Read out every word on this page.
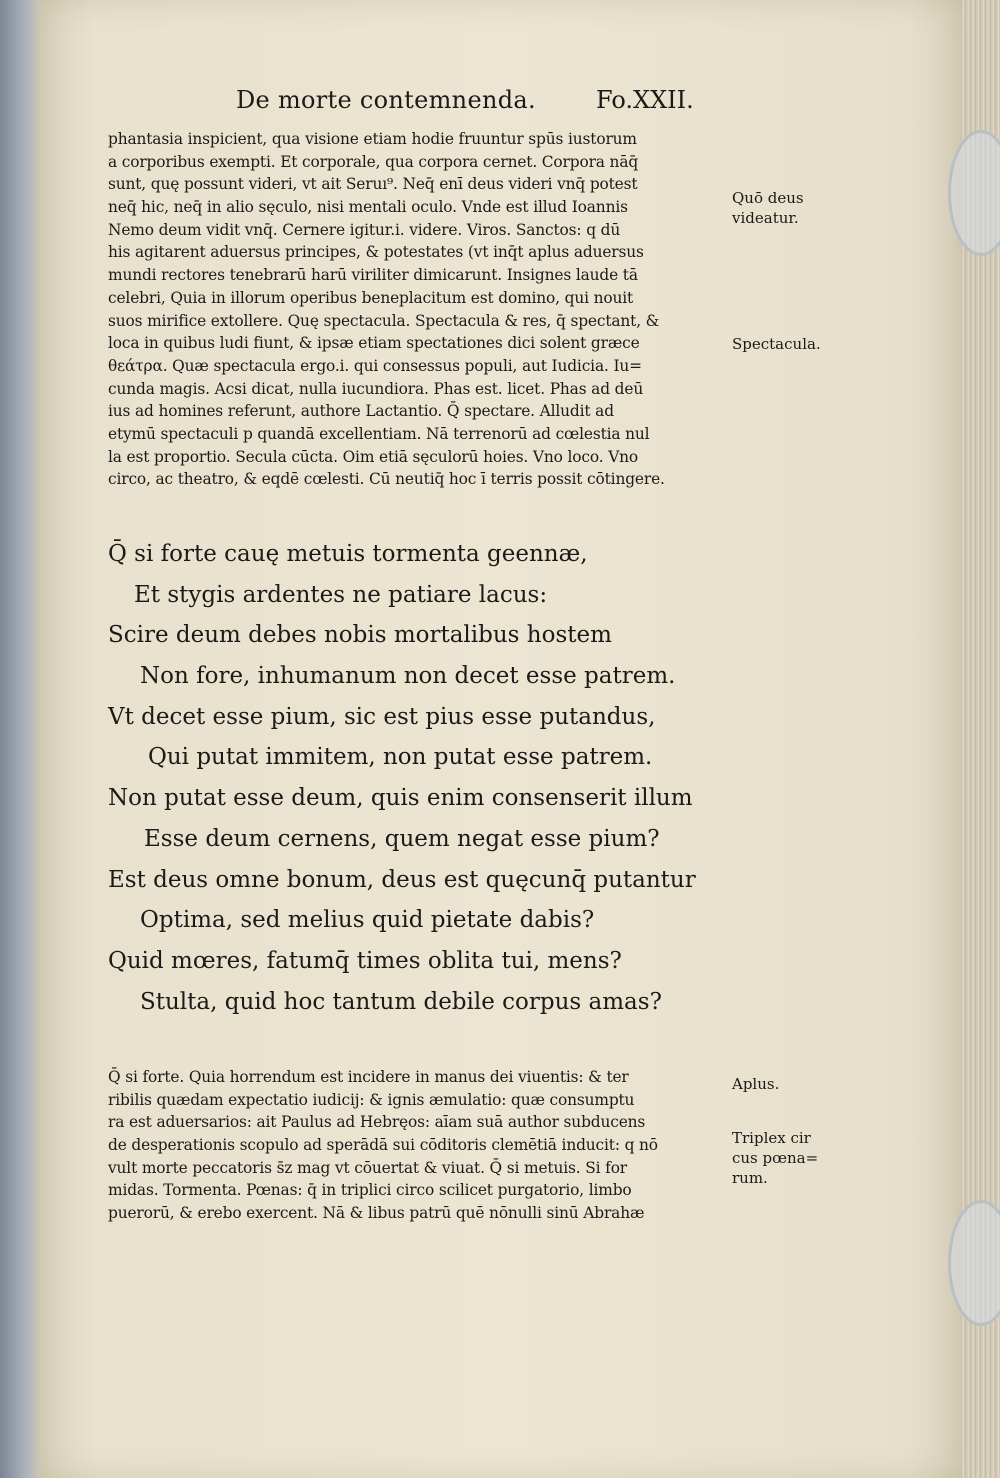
De morte contemnenda.	Fo.XXII.
phantasia inspicient, qua visione etiam hodie fruuntur spūs iustorum
a corporibus exempti. Et corporale, qua corpora cernet. Corpora nāq̄
sunt, quę possunt videri, vt ait Seruı⁹. Neq̄ enī deus videri vnq̄ potest
neq̄ hic, neq̄ in alio sęculo, nisi mentali oculo. Vnde est illud Ioannis
Nemo deum vidit vnq̄. Cernere igitur.i. videre. Viros. Sanctos: q dū
his agitarent aduersus principes, & potestates (vt inq̄t aplus aduersus
mundi rectores tenebrarū harū viriliter dimicarunt. Insignes laude tā
celebri, Quia in illorum operibus beneplacitum est domino, qui nouit
suos mirifice extollere. Quę spectacula. Spectacula & res, q̄ spectant, &
loca in quibus ludi fiunt, & ipsæ etiam spectationes dici solent græce
θεάτρα. Quæ spectacula ergo.i. qui consessus populi, aut Iudicia. Iu=
cunda magis. Acsi dicat, nulla iucundiora. Phas est. licet. Phas ad deū
ius ad homines referunt, authore Lactantio. Q̄ spectare. Alludit ad
etymū spectaculi p quandā excellentiam. Nā terrenorū ad cœlestia nul
la est proportio. Secula cūcta. Oim etiā sęculorū hoies. Vno loco. Vno
circo, ac theatro, & eqdē cœlesti. Cū neutiq̄ hoc ī terris possit cōtingere.
Quō deus
videatur.
Spectacula.
Q̄ si forte cauę metuis tormenta geennæ,
Et stygis ardentes ne patiare lacus:
Scire deum debes nobis mortalibus hostem
Non fore, inhumanum non decet esse patrem.
Vt decet esse pium, sic est pius esse putandus,
Qui putat immitem, non putat esse patrem.
Non putat esse deum, quis enim consenserit illum
Esse deum cernens, quem negat esse pium?
Est deus omne bonum, deus est quęcunq̄ putantur
Optima, sed melius quid pietate dabis?
Quid mœres, fatumq̄ times oblita tui, mens?
Stulta, quid hoc tantum debile corpus amas?
Q̄ si forte. Quia horrendum est incidere in manus dei viuentis: & ter
ribilis quædam expectatio iudicij: & ignis æmulatio: quæ consumptu
ra est aduersarios: ait Paulus ad Hebręos: aīam suā author subducens
de desperationis scopulo ad sperādā sui cōditoris clemētiā inducit: q nō
vult morte peccatoris s̄z mag vt cōuertat & viuat. Q̄ si metuis. Si for
midas. Tormenta. Pœnas: q̄ in triplici circo scilicet purgatorio, limbo
puerorū, & erebo exercent. Nā & libus patrū quē nōnulli sinū Abrahæ
Aplus.
Triplex cir
cus pœna=
rum.
